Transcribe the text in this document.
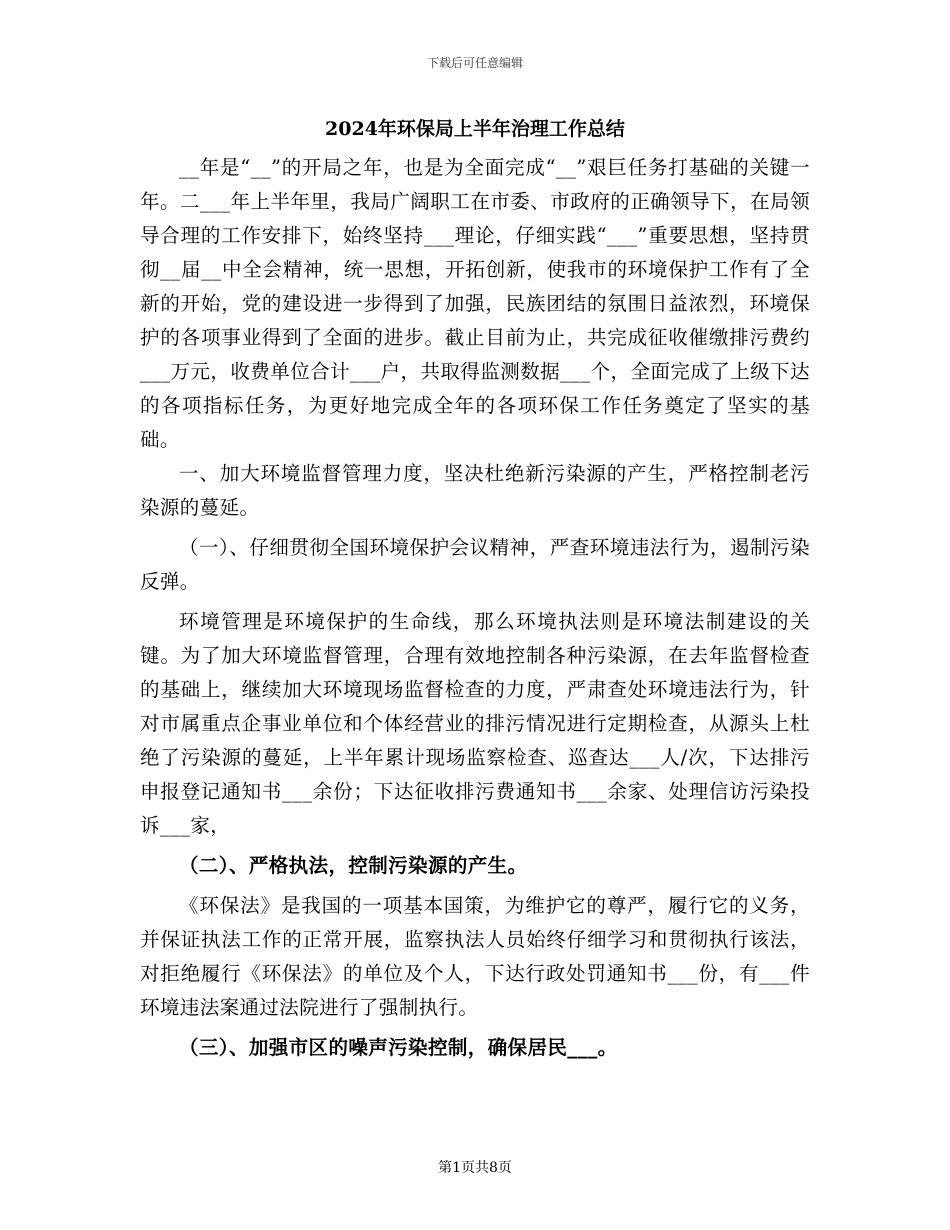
下载后可任意编辑
2024年环保局上半年治理工作总结

__年是“__”的开局之年，也是为全面完成“__”艰巨任务打基础的关键一年。二___年上半年里，我局广阔职工在市委、市政府的正确领导下，在局领导合理的工作安排下，始终坚持___理论，仔细实践“___”重要思想，坚持贯彻__届__中全会精神，统一思想，开拓创新，使我市的环境保护工作有了全新的开始，党的建设进一步得到了加强，民族团结的氛围日益浓烈，环境保护的各项事业得到了全面的进步。截止目前为止，共完成征收催缴排污费约___万元，收费单位合计___户，共取得监测数据___个，全面完成了上级下达的各项指标任务，为更好地完成全年的各项环保工作任务奠定了坚实的基础。

一、加大环境监督管理力度，坚决杜绝新污染源的产生，严格控制老污染源的蔓延。

（一）、仔细贯彻全国环境保护会议精神，严查环境违法行为，遏制污染反弹。

环境管理是环境保护的生命线，那么环境执法则是环境法制建设的关键。为了加大环境监督管理，合理有效地控制各种污染源，在去年监督检查的基础上，继续加大环境现场监督检查的力度，严肃查处环境违法行为，针对市属重点企事业单位和个体经营业的排污情况进行定期检查，从源头上杜绝了污染源的蔓延，上半年累计现场监察检查、巡查达___人/次，下达排污申报登记通知书___余份；下达征收排污费通知书___余家、处理信访污染投诉___家，

（二）、严格执法，控制污染源的产生。

《环保法》是我国的一项基本国策，为维护它的尊严，履行它的义务，并保证执法工作的正常开展，监察执法人员始终仔细学习和贯彻执行该法，对拒绝履行《环保法》的单位及个人，下达行政处罚通知书___份，有___件环境违法案通过法院进行了强制执行。

（三）、加强市区的噪声污染控制，确保居民___。

第1页共8页
